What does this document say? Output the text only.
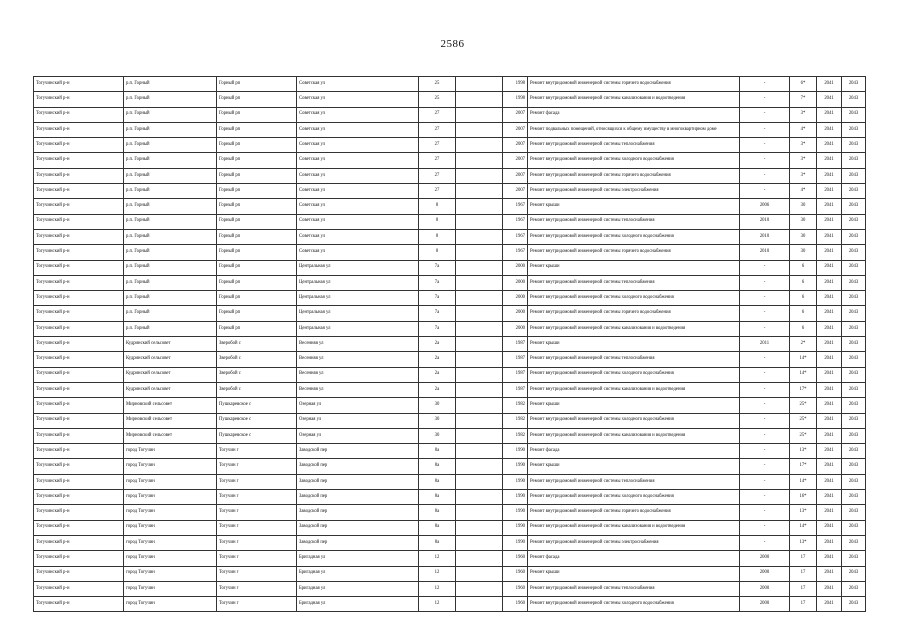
2586
Тогучинский р-н	р.п. Горный	Горный рп	Советская ул	25		1998	Ремонт внутридомовой инженерной системы горячего водоснабжения	-	6*	2041	2043
Тогучинский р-н	р.п. Горный	Горный рп	Советская ул	25		1998	Ремонт внутридомовой инженерной системы канализования и водоотведения	-	7*	2041	2043
Тогучинский р-н	р.п. Горный	Горный рп	Советская ул	27		2007	Ремонт фасада	-	3*	2041	2043
Тогучинский р-н	р.п. Горный	Горный рп	Советская ул	27		2007	Ремонт подвальных помещений, относящихся к общему имуществу в многоквартирном доме	-	4*	2041	2043
Тогучинский р-н	р.п. Горный	Горный рп	Советская ул	27		2007	Ремонт внутридомовой инженерной системы теплоснабжения	-	3*	2041	2043
Тогучинский р-н	р.п. Горный	Горный рп	Советская ул	27		2007	Ремонт внутридомовой инженерной системы холодного водоснабжения	-	3*	2041	2043
Тогучинский р-н	р.п. Горный	Горный рп	Советская ул	27		2007	Ремонт внутридомовой инженерной системы горячего водоснабжения	-	3*	2041	2043
Тогучинский р-н	р.п. Горный	Горный рп	Советская ул	27		2007	Ремонт внутридомовой инженерной системы электроснабжения	-	4*	2041	2043
Тогучинский р-н	р.п. Горный	Горный рп	Советская ул	8		1967	Ремонт крыши	2006	30	2041	2043
Тогучинский р-н	р.п. Горный	Горный рп	Советская ул	8		1967	Ремонт внутридомовой инженерной системы теплоснабжения	2010	30	2041	2043
Тогучинский р-н	р.п. Горный	Горный рп	Советская ул	8		1967	Ремонт внутридомовой инженерной системы холодного водоснабжения	2010	30	2041	2043
Тогучинский р-н	р.п. Горный	Горный рп	Советская ул	8		1967	Ремонт внутридомовой инженерной системы горячего водоснабжения	2010	30	2041	2043
Тогучинский р-н	р.п. Горный	Горный рп	Центральная ул	7а		2000	Ремонт крыши	-	6	2041	2043
Тогучинский р-н	р.п. Горный	Горный рп	Центральная ул	7а		2000	Ремонт внутридомовой инженерной системы теплоснабжения	-	6	2041	2043
Тогучинский р-н	р.п. Горный	Горный рп	Центральная ул	7а		2000	Ремонт внутридомовой инженерной системы холодного водоснабжения	-	6	2041	2043
Тогучинский р-н	р.п. Горный	Горный рп	Центральная ул	7а		2000	Ремонт внутридомовой инженерной системы горячего водоснабжения	-	6	2041	2043
Тогучинский р-н	р.п. Горный	Горный рп	Центральная ул	7а		2000	Ремонт внутридомовой инженерной системы канализования и водоотведения	-	6	2041	2043
Тогучинский р-н	Кудринский сельсовет	Зверобой с	Весенняя ул	2а		1987	Ремонт крыши	2011	2*	2041	2043
Тогучинский р-н	Кудринский сельсовет	Зверобой с	Весенняя ул	2а		1987	Ремонт внутридомовой инженерной системы теплоснабжения	-	14*	2041	2043
Тогучинский р-н	Кудринский сельсовет	Зверобой с	Весенняя ул	2а		1987	Ремонт внутридомовой инженерной системы холодного водоснабжения	-	14*	2041	2043
Тогучинский р-н	Кудринский сельсовет	Зверобой с	Весенняя ул	2а		1987	Ремонт внутридомовой инженерной системы канализования и водоотведения	-	17*	2041	2043
Тогучинский р-н	Мирновский сельсовет	Пушкаревское с	Озерная ул	30		1982	Ремонт крыши	-	25*	2041	2043
Тогучинский р-н	Мирновский сельсовет	Пушкаревское с	Озерная ул	30		1982	Ремонт внутридомовой инженерной системы холодного водоснабжения	-	25*	2041	2043
Тогучинский р-н	Мирновский сельсовет	Пушкаревское с	Озерная ул	30		1982	Ремонт внутридомовой инженерной системы канализования и водоотведения	-	25*	2041	2043
Тогучинский р-н	город Тогучин	Тогучин г	Заводской пер	8а		1990	Ремонт фасада	-	13*	2041	2043
Тогучинский р-н	город Тогучин	Тогучин г	Заводской пер	8а		1990	Ремонт крыши	-	17*	2041	2043
Тогучинский р-н	город Тогучин	Тогучин г	Заводской пер	8а		1990	Ремонт внутридомовой инженерной системы теплоснабжения	-	14*	2041	2043
Тогучинский р-н	город Тогучин	Тогучин г	Заводской пер	8а		1990	Ремонт внутридомовой инженерной системы холодного водоснабжения	-	16*	2041	2043
Тогучинский р-н	город Тогучин	Тогучин г	Заводской пер	8а		1990	Ремонт внутридомовой инженерной системы горячего водоснабжения	-	13*	2041	2043
Тогучинский р-н	город Тогучин	Тогучин г	Заводской пер	8а		1990	Ремонт внутридомовой инженерной системы канализования и водоотведения	-	14*	2041	2043
Тогучинский р-н	город Тогучин	Тогучин г	Заводской пер	8а		1990	Ремонт внутридомовой инженерной системы электроснабжения	-	13*	2041	2043
Тогучинский р-н	город Тогучин	Тогучин г	Бригадная ул	12		1960	Ремонт фасада	2000	17	2041	2043
Тогучинский р-н	город Тогучин	Тогучин г	Бригадная ул	12		1960	Ремонт крыши	2000	17	2041	2043
Тогучинский р-н	город Тогучин	Тогучин г	Бригадная ул	12		1960	Ремонт внутридомовой инженерной системы теплоснабжения	2000	17	2041	2043
Тогучинский р-н	город Тогучин	Тогучин г	Бригадная ул	12		1960	Ремонт внутридомовой инженерной системы холодного водоснабжения	2000	17	2041	2043
